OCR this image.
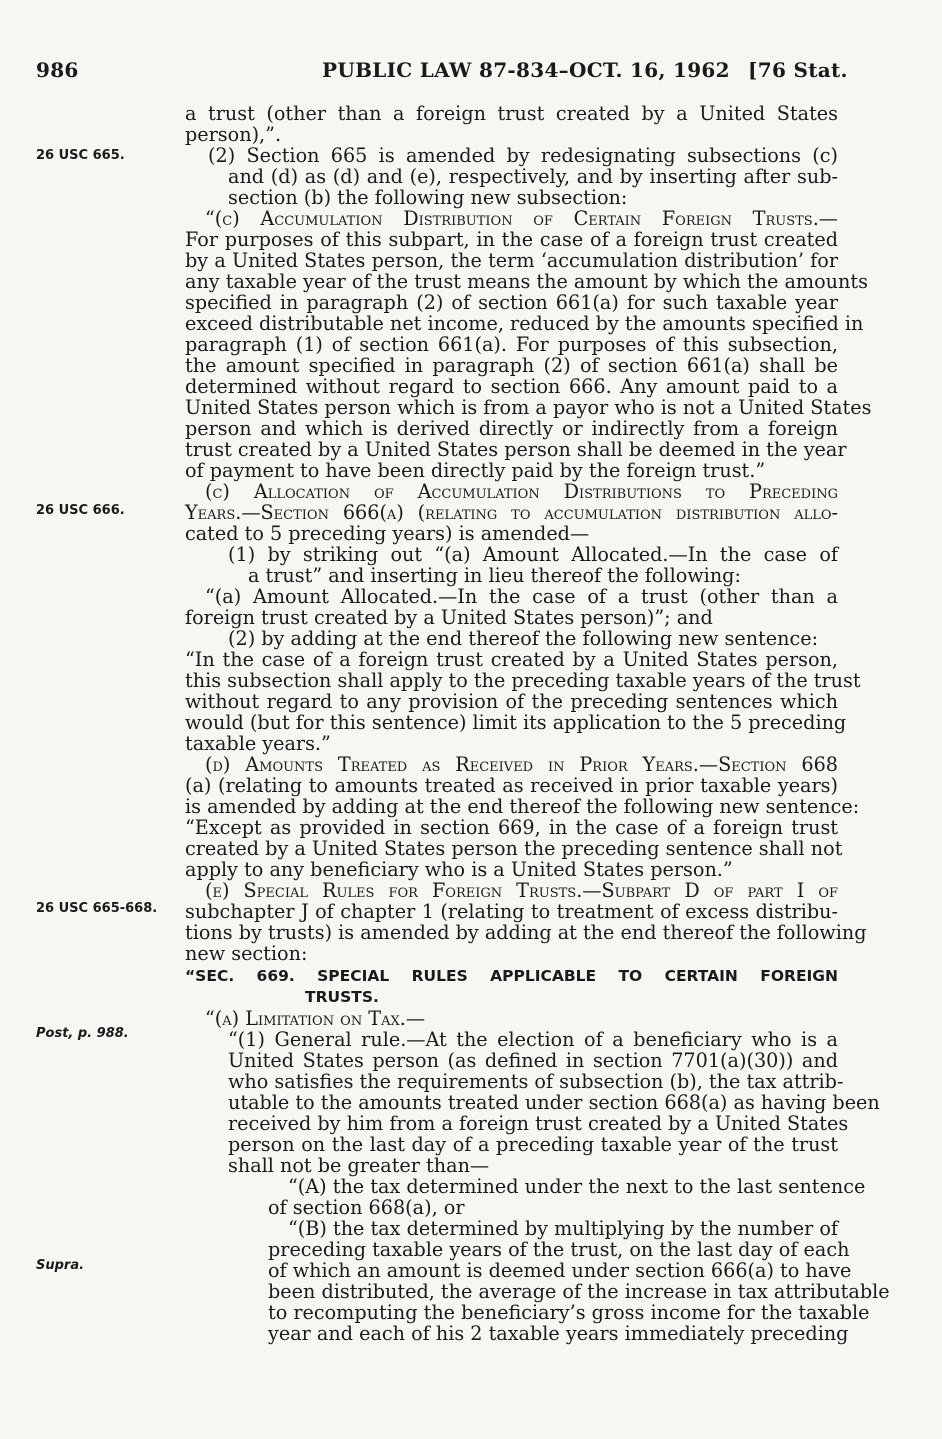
986	PUBLIC LAW 87-834–OCT. 16, 1962 [76 Stat.
26 USC 665.
26 USC 666.
26 USC 665-668.
Post, p. 988.
Supra.
a trust (other than a foreign trust created by a United States
person),”.
(2) Section 665 is amended by redesignating subsections (c)
and (d) as (d) and (e), respectively, and by inserting after sub-
section (b) the following new subsection:
“(c) Accumulation Distribution of Certain Foreign Trusts.—
For purposes of this subpart, in the case of a foreign trust created
by a United States person, the term ‘accumulation distribution’ for
any taxable year of the trust means the amount by which the amounts
specified in paragraph (2) of section 661(a) for such taxable year
exceed distributable net income, reduced by the amounts specified in
paragraph (1) of section 661(a). For purposes of this subsection,
the amount specified in paragraph (2) of section 661(a) shall be
determined without regard to section 666. Any amount paid to a
United States person which is from a payor who is not a United States
person and which is derived directly or indirectly from a foreign
trust created by a United States person shall be deemed in the year
of payment to have been directly paid by the foreign trust.”
(c) Allocation of Accumulation Distributions to Preceding
Years.—Section 666(a) (relating to accumulation distribution allo-
cated to 5 preceding years) is amended—
(1) by striking out “(a) Amount Allocated.—In the case of
a trust” and inserting in lieu thereof the following:
“(a) Amount Allocated.—In the case of a trust (other than a
foreign trust created by a United States person)”; and
(2) by adding at the end thereof the following new sentence:
“In the case of a foreign trust created by a United States person,
this subsection shall apply to the preceding taxable years of the trust
without regard to any provision of the preceding sentences which
would (but for this sentence) limit its application to the 5 preceding
taxable years.”
(d) Amounts Treated as Received in Prior Years.—Section 668
(a) (relating to amounts treated as received in prior taxable years)
is amended by adding at the end thereof the following new sentence:
“Except as provided in section 669, in the case of a foreign trust
created by a United States person the preceding sentence shall not
apply to any beneficiary who is a United States person.”
(e) Special Rules for Foreign Trusts.—Subpart D of part I of
subchapter J of chapter 1 (relating to treatment of excess distribu-
tions by trusts) is amended by adding at the end thereof the following
new section:
“SEC. 669. SPECIAL RULES APPLICABLE TO CERTAIN FOREIGN
TRUSTS.
“(a) Limitation on Tax.—
“(1) General rule.—At the election of a beneficiary who is a
United States person (as defined in section 7701(a)(30)) and
who satisfies the requirements of subsection (b), the tax attrib-
utable to the amounts treated under section 668(a) as having been
received by him from a foreign trust created by a United States
person on the last day of a preceding taxable year of the trust
shall not be greater than—
“(A) the tax determined under the next to the last sentence
of section 668(a), or
“(B) the tax determined by multiplying by the number of
preceding taxable years of the trust, on the last day of each
of which an amount is deemed under section 666(a) to have
been distributed, the average of the increase in tax attributable
to recomputing the beneficiary’s gross income for the taxable
year and each of his 2 taxable years immediately preceding
